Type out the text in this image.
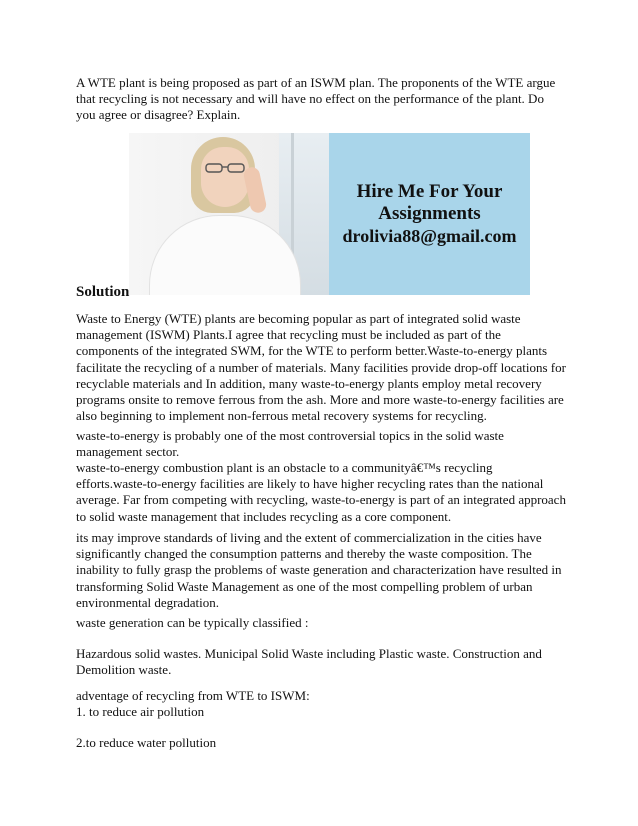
A WTE plant is being proposed as part of an ISWM plan. The proponents of the WTE argue that recycling is not necessary and will have no effect on the performance of the plant. Do you agree or disagree? Explain.

Hire Me For Your
Assignments
drolivia88@gmail.com

Solution

Waste to Energy (WTE) plants are becoming popular as part of integrated solid waste management (ISWM) Plants.I agree that recycling must be included as part of the components of the integrated SWM, for the WTE to perform better.Waste-to-energy plants facilitate the recycling of a number of materials. Many facilities provide drop-off locations for recyclable materials and In addition, many waste-to-energy plants employ metal recovery programs onsite to remove ferrous from the ash. More and more waste-to-energy facilities are also beginning to implement non-ferrous metal recovery systems for recycling.

waste-to-energy is probably one of the most controversial topics in the solid waste management sector.

waste-to-energy combustion plant is an obstacle to a communityâ€™s recycling efforts.waste-to-energy facilities are likely to have higher recycling rates than the national average. Far from competing with recycling, waste-to-energy is part of an integrated approach to solid waste management that includes recycling as a core component.

its may improve standards of living and the extent of commercialization in the cities have significantly changed the consumption patterns and thereby the waste composition. The inability to fully grasp the problems of waste generation and characterization have resulted in transforming Solid Waste Management as one of the most compelling problem of urban environmental degradation.

waste generation can be typically classified :

Hazardous solid wastes. Municipal Solid Waste including Plastic waste. Construction and Demolition waste.

adventage of recycling from WTE to ISWM:

1. to reduce air pollution

2.to reduce water pollution
